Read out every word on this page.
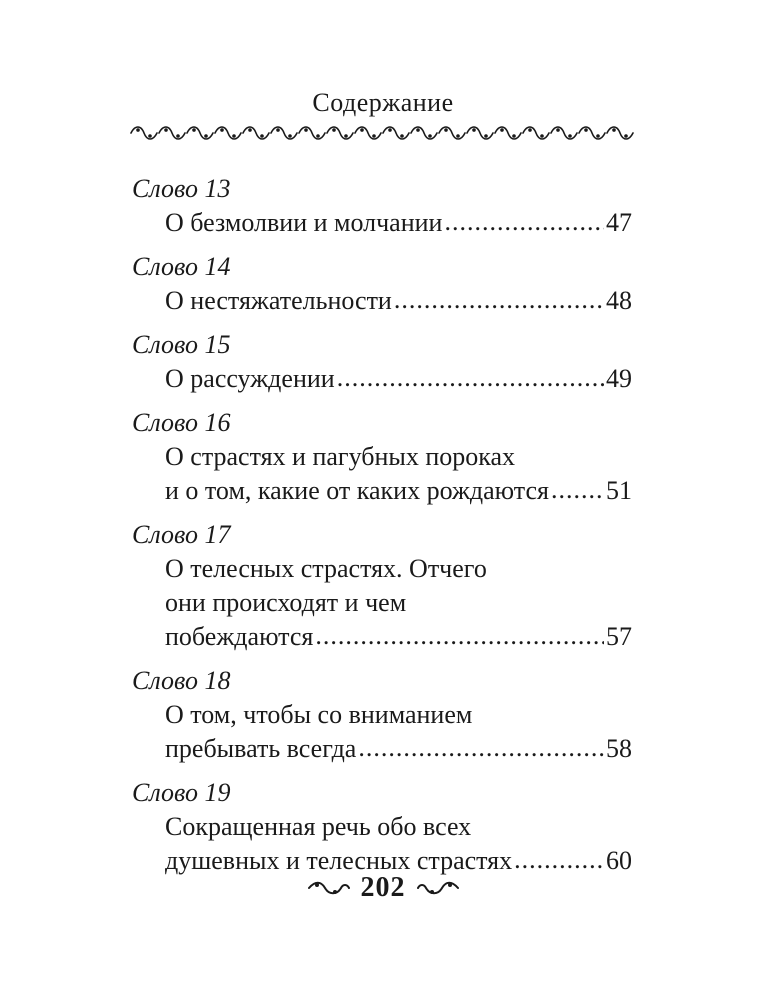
Содержание
Слово 13
О безмолвии и молчании .....	47
Слово 14
О нестяжательности .....	48
Слово 15
О рассуждении .....	49
Слово 16
О страстях и пагубных пороках
и о том, какие от каких рождаются ..... 51
Слово 17
О телесных страстях. Отчего
они происходят и чем
побеждаются .....	57
Слово 18
О том, чтобы со вниманием
пребывать всегда .....	58
Слово 19
Сокращенная речь обо всех
душевных и телесных страстях .....	60
202
